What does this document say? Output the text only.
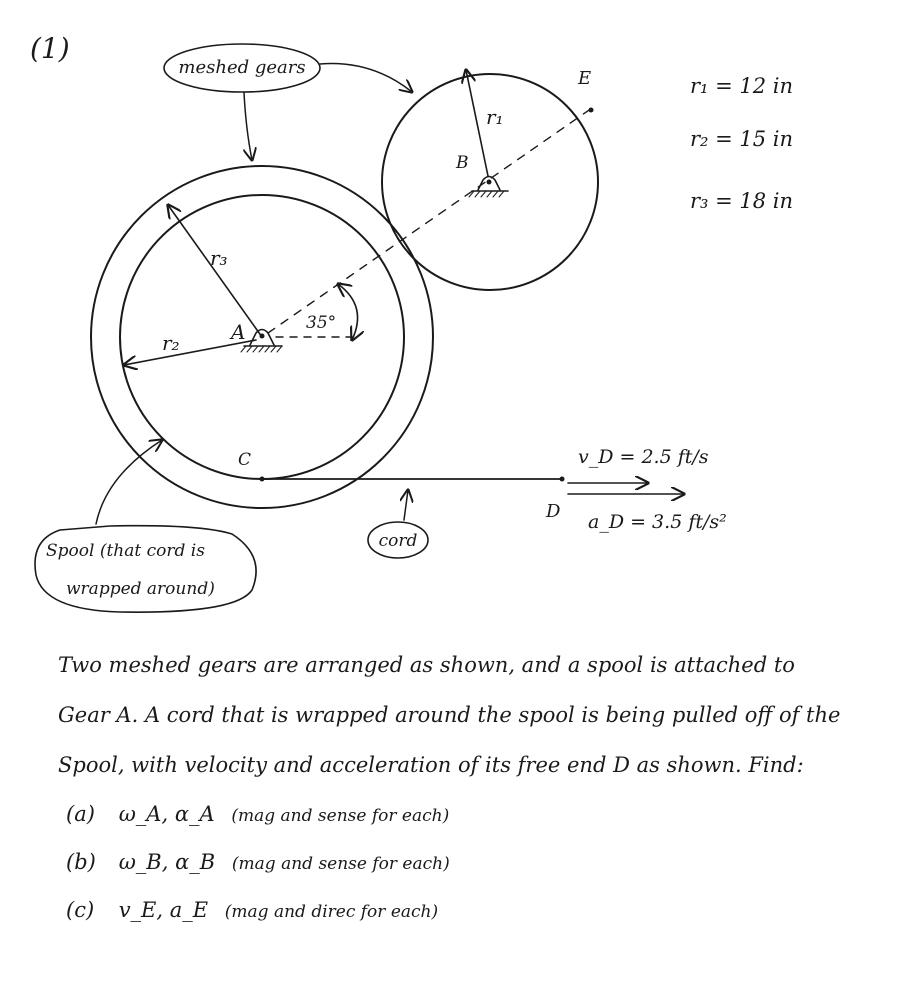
(1)
35°
r₃
r₂	A
r₁
B
E
C
D
v_D = 2.5 ft/s
a_D = 3.5 ft/s²
r₁ = 12 in
r₂ = 15 in
r₃ = 18 in
meshed gears
Spool (that cord is
wrapped around)
cord

Two meshed gears are arranged as shown, and a spool is attached to

Gear A. A cord that is wrapped around the spool is being pulled off of the

Spool, with velocity and acceleration of its free end D as shown. Find:

(a) ω_A, α_A (mag and sense for each)
(b) ω_B, α_B (mag and sense for each)
(c) v_E, a_E (mag and direc for each)
